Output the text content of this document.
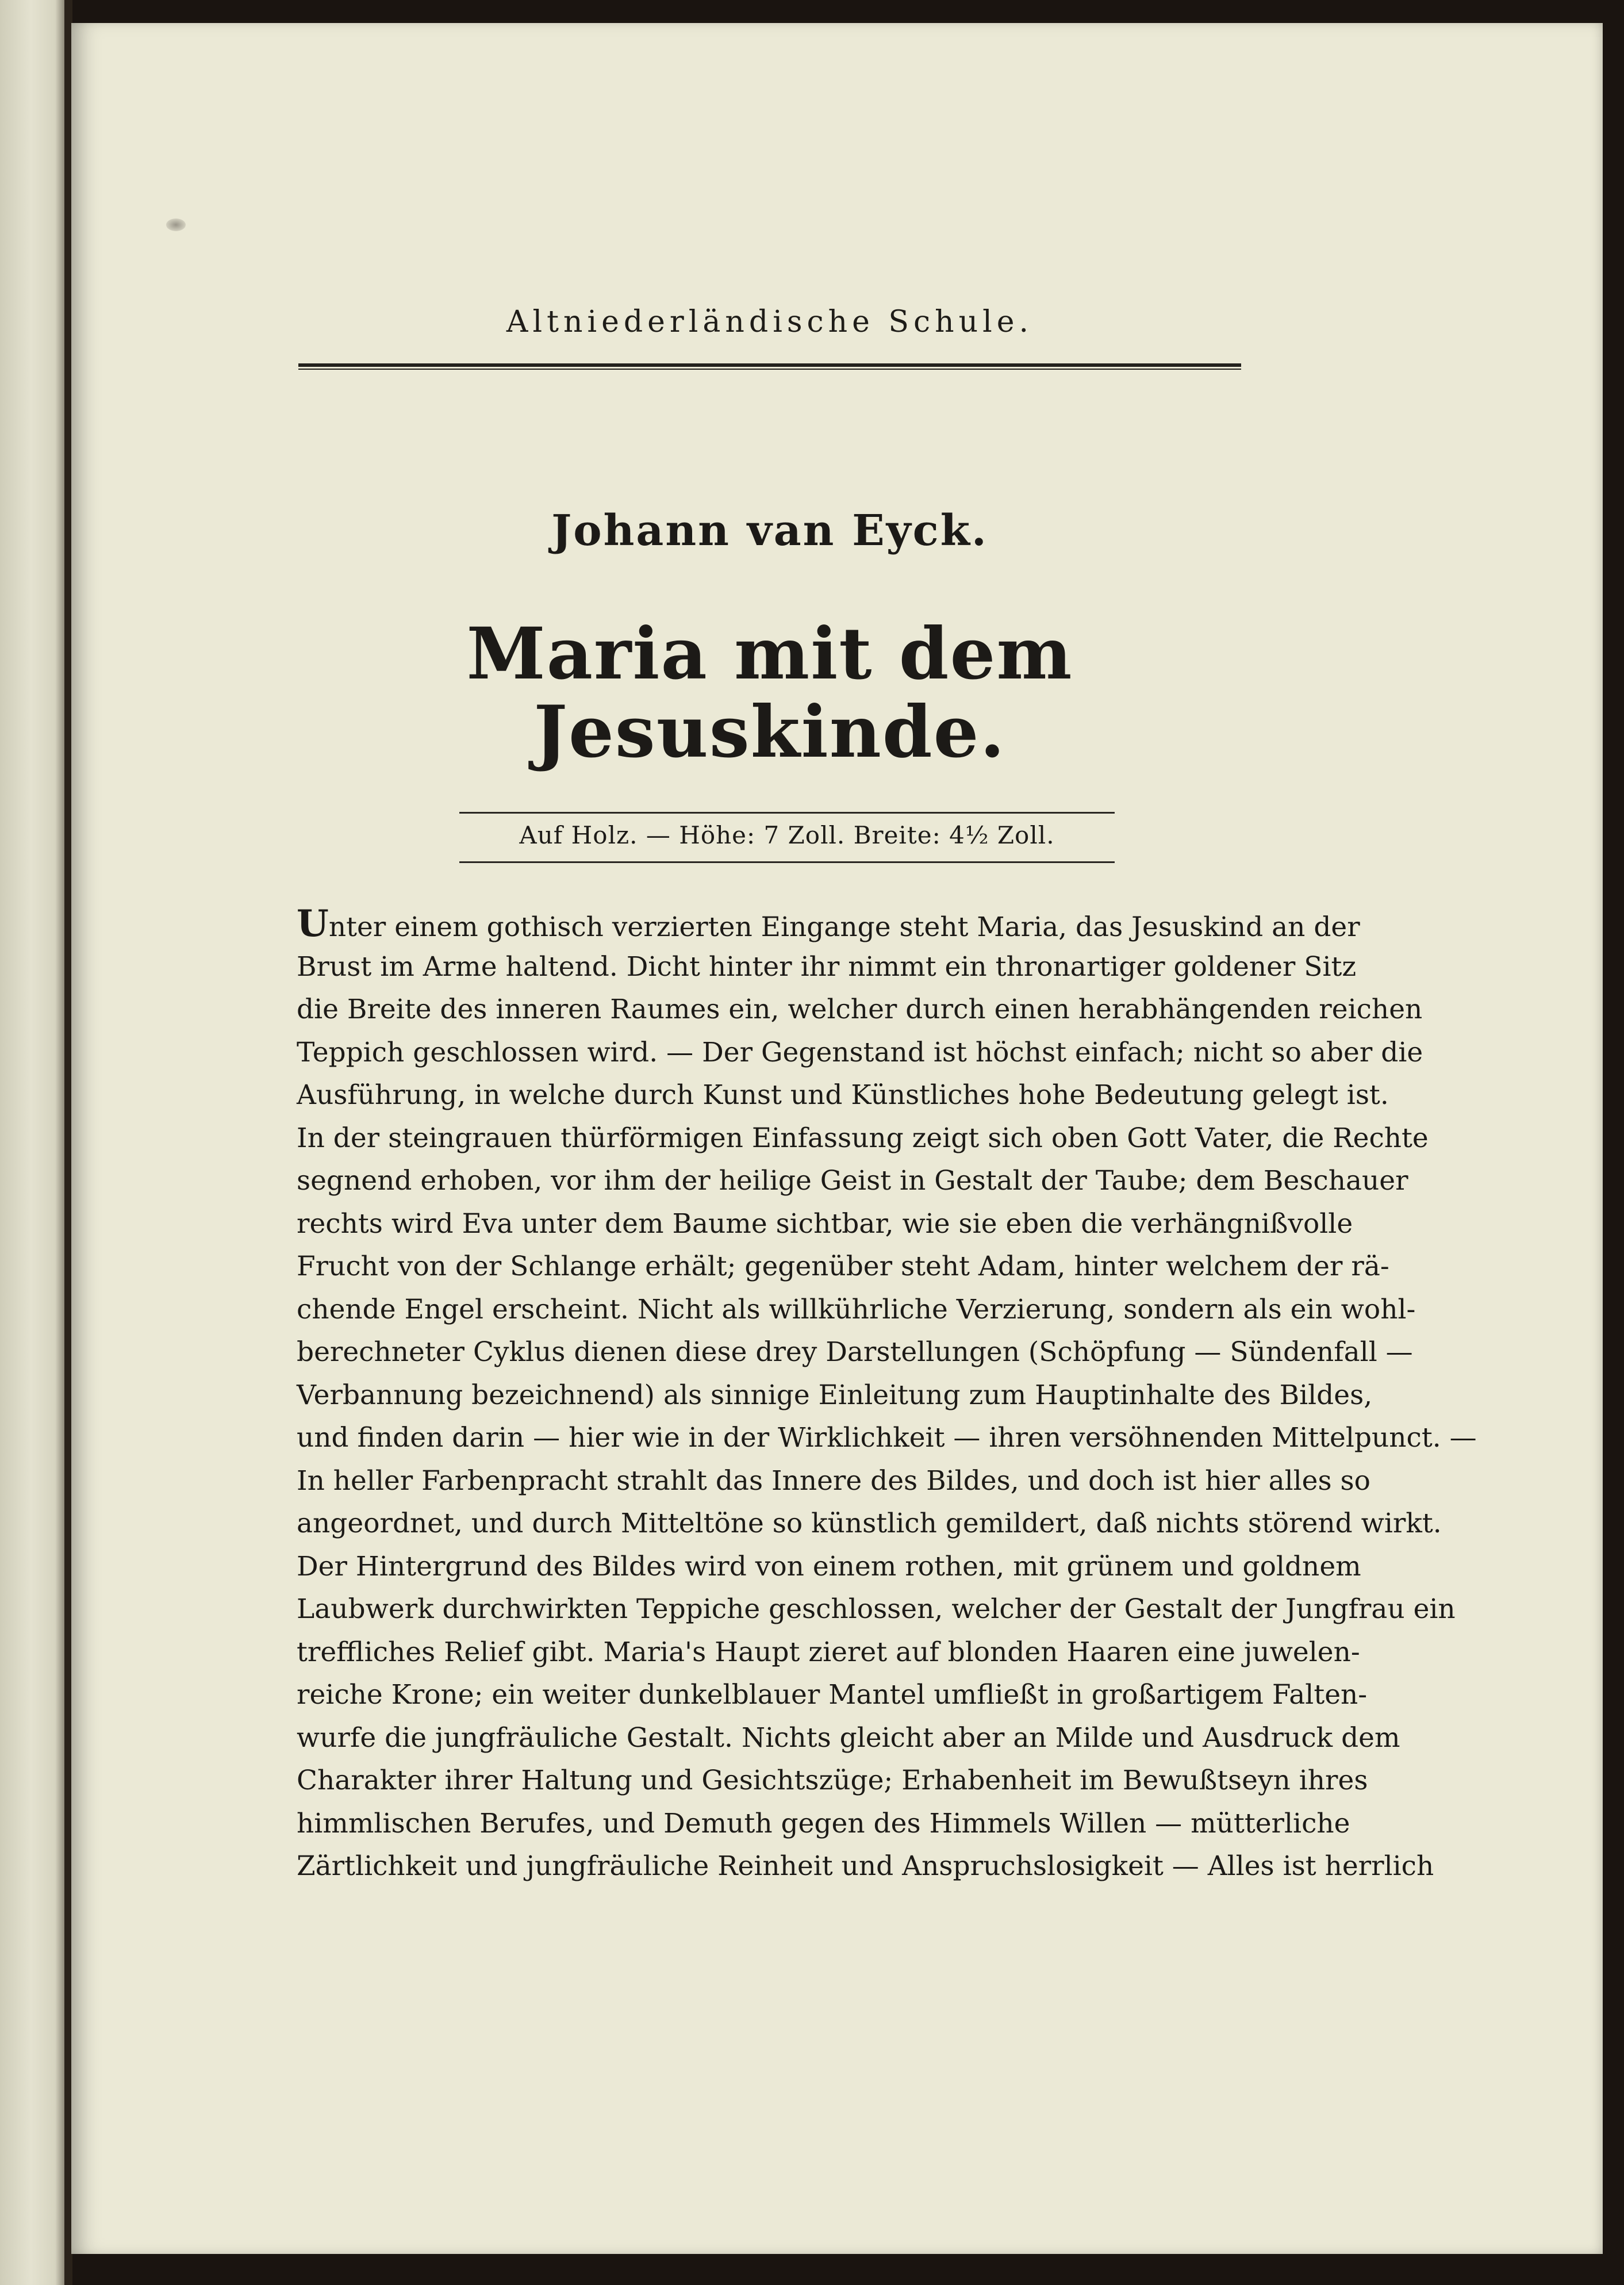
Altniederländische Schule.
Johann van Eyck.
Maria mit dem Jesuskinde.
Auf Holz. — Höhe: 7 Zoll. Breite: 4½ Zoll.
Unter einem gothisch verzierten Eingange steht Maria, das Jesuskind an der
Brust im Arme haltend. Dicht hinter ihr nimmt ein thronartiger goldener Sitz
die Breite des inneren Raumes ein, welcher durch einen herabhängenden reichen
Teppich geschlossen wird. — Der Gegenstand ist höchst einfach; nicht so aber die
Ausführung, in welche durch Kunst und Künstliches hohe Bedeutung gelegt ist.
In der steingrauen thürförmigen Einfassung zeigt sich oben Gott Vater, die Rechte
segnend erhoben, vor ihm der heilige Geist in Gestalt der Taube; dem Beschauer
rechts wird Eva unter dem Baume sichtbar, wie sie eben die verhängnißvolle
Frucht von der Schlange erhält; gegenüber steht Adam, hinter welchem der rä-
chende Engel erscheint. Nicht als willkührliche Verzierung, sondern als ein wohl-
berechneter Cyklus dienen diese drey Darstellungen (Schöpfung — Sündenfall —
Verbannung bezeichnend) als sinnige Einleitung zum Hauptinhalte des Bildes,
und finden darin — hier wie in der Wirklichkeit — ihren versöhnenden Mittelpunct. —
In heller Farbenpracht strahlt das Innere des Bildes, und doch ist hier alles so
angeordnet, und durch Mitteltöne so künstlich gemildert, daß nichts störend wirkt.
Der Hintergrund des Bildes wird von einem rothen, mit grünem und goldnem
Laubwerk durchwirkten Teppiche geschlossen, welcher der Gestalt der Jungfrau ein
treffliches Relief gibt. Maria's Haupt zieret auf blonden Haaren eine juwelen-
reiche Krone; ein weiter dunkelblauer Mantel umfließt in großartigem Falten-
wurfe die jungfräuliche Gestalt. Nichts gleicht aber an Milde und Ausdruck dem
Charakter ihrer Haltung und Gesichtszüge; Erhabenheit im Bewußtseyn ihres
himmlischen Berufes, und Demuth gegen des Himmels Willen — mütterliche
Zärtlichkeit und jungfräuliche Reinheit und Anspruchslosigkeit — Alles ist herrlich
